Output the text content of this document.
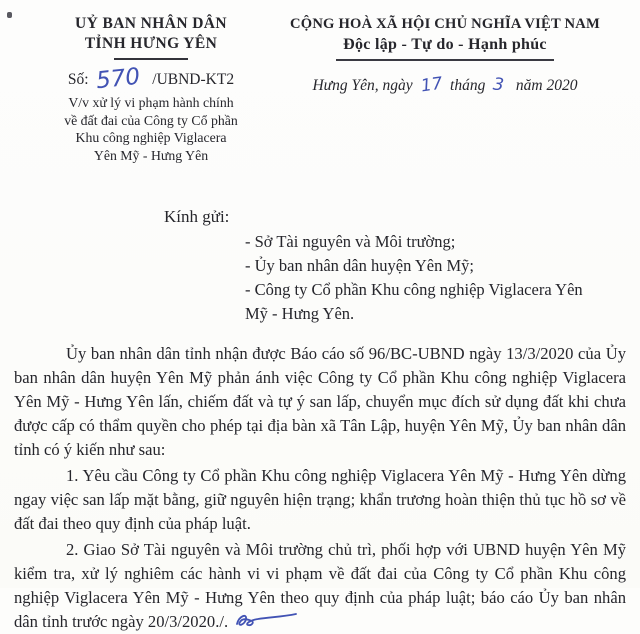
UỶ BAN NHÂN DÂN
TỈNH HƯNG YÊN
Số: 570 /UBND-KT2
V/v xử lý vi phạm hành chính
về đất đai của Công ty Cổ phần
Khu công nghiệp Viglacera
Yên Mỹ - Hưng Yên
CỘNG HOÀ XÃ HỘI CHỦ NGHĨA VIỆT NAM
Độc lập - Tự do - Hạnh phúc
Hưng Yên, ngày 17 tháng 3 năm 2020
Kính gửi:
- Sở Tài nguyên và Môi trường;
- Ủy ban nhân dân huyện Yên Mỹ;
- Công ty Cổ phần Khu công nghiệp Viglacera Yên Mỹ - Hưng Yên.

Ủy ban nhân dân tỉnh nhận được Báo cáo số 96/BC-UBND ngày 13/3/2020 của Ủy ban nhân dân huyện Yên Mỹ phản ánh việc Công ty Cổ phần Khu công nghiệp Viglacera Yên Mỹ - Hưng Yên lấn, chiếm đất và tự ý san lấp, chuyển mục đích sử dụng đất khi chưa được cấp có thẩm quyền cho phép tại địa bàn xã Tân Lập, huyện Yên Mỹ, Ủy ban nhân dân tỉnh có ý kiến như sau:

1. Yêu cầu Công ty Cổ phần Khu công nghiệp Viglacera Yên Mỹ - Hưng Yên dừng ngay việc san lấp mặt bằng, giữ nguyên hiện trạng; khẩn trương hoàn thiện thủ tục hồ sơ về đất đai theo quy định của pháp luật.

2. Giao Sở Tài nguyên và Môi trường chủ trì, phối hợp với UBND huyện Yên Mỹ kiểm tra, xử lý nghiêm các hành vi vi phạm về đất đai của Công ty Cổ phần Khu công nghiệp Viglacera Yên Mỹ - Hưng Yên theo quy định của pháp luật; báo cáo Ủy ban nhân dân tỉnh trước ngày 20/3/2020./.
